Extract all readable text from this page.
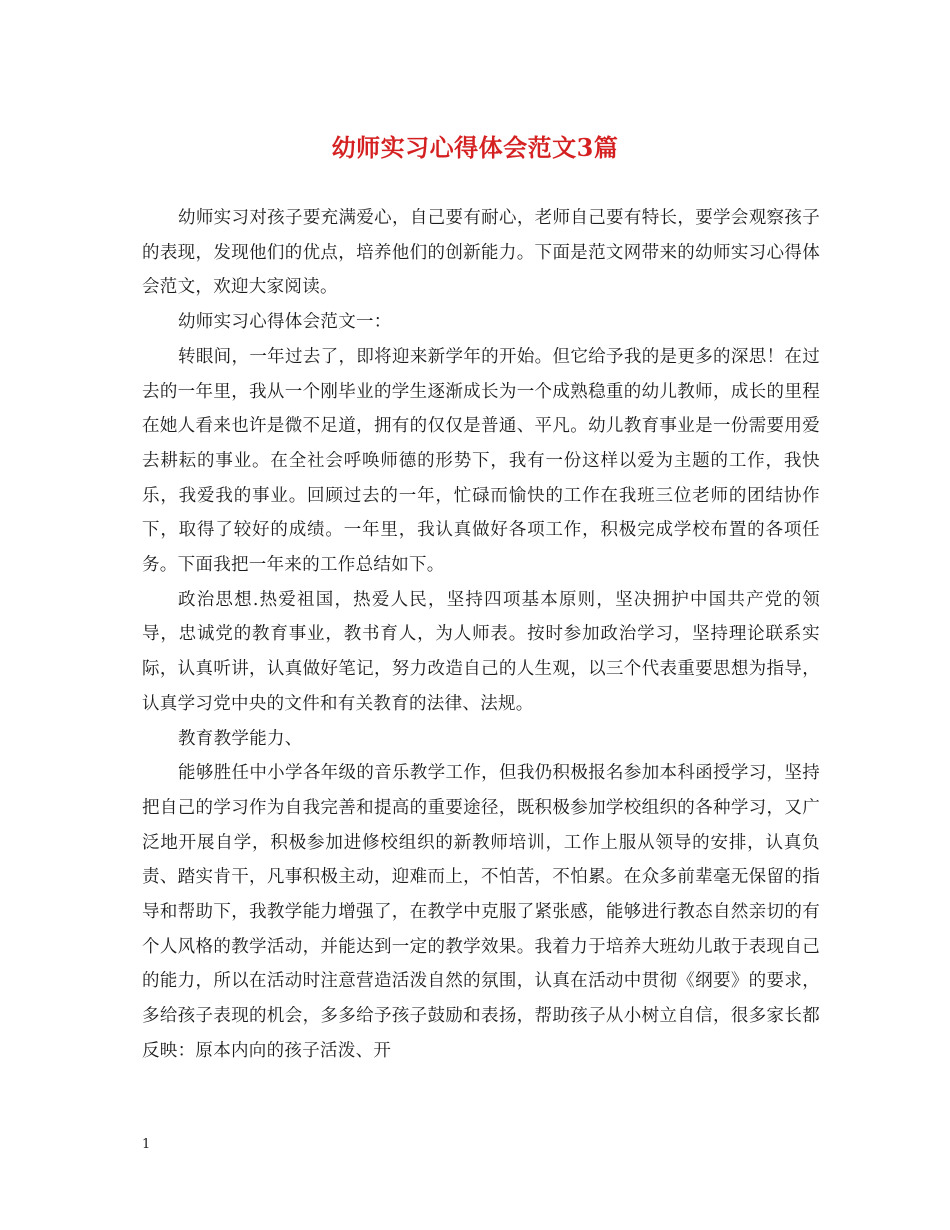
幼师实习心得体会范文3篇

幼师实习对孩子要充满爱心，自己要有耐心，老师自己要有特长，要学会观察孩子的表现，发现他们的优点，培养他们的创新能力。下面是范文网带来的幼师实习心得体会范文，欢迎大家阅读。

幼师实习心得体会范文一：

转眼间，一年过去了，即将迎来新学年的开始。但它给予我的是更多的深思！在过去的一年里，我从一个刚毕业的学生逐渐成长为一个成熟稳重的幼儿教师，成长的里程在她人看来也许是微不足道，拥有的仅仅是普通、平凡。幼儿教育事业是一份需要用爱去耕耘的事业。在全社会呼唤师德的形势下，我有一份这样以爱为主题的工作，我快乐，我爱我的事业。回顾过去的一年，忙碌而愉快的工作在我班三位老师的团结协作下，取得了较好的成绩。一年里，我认真做好各项工作，积极完成学校布置的各项任务。下面我把一年来的工作总结如下。

政治思想.热爱祖国，热爱人民，坚持四项基本原则，坚决拥护中国共产党的领导，忠诚党的教育事业，教书育人，为人师表。按时参加政治学习，坚持理论联系实际，认真听讲，认真做好笔记，努力改造自己的人生观，以三个代表重要思想为指导，认真学习党中央的文件和有关教育的法律、法规。

教育教学能力、

能够胜任中小学各年级的音乐教学工作，但我仍积极报名参加本科函授学习，坚持把自己的学习作为自我完善和提高的重要途径，既积极参加学校组织的各种学习，又广泛地开展自学，积极参加进修校组织的新教师培训，工作上服从领导的安排，认真负责、踏实肯干，凡事积极主动，迎难而上，不怕苦，不怕累。在众多前辈毫无保留的指导和帮助下，我教学能力增强了，在教学中克服了紧张感，能够进行教态自然亲切的有个人风格的教学活动，并能达到一定的教学效果。我着力于培养大班幼儿敢于表现自己的能力，所以在活动时注意营造活泼自然的氛围，认真在活动中贯彻《纲要》的要求，多给孩子表现的机会，多多给予孩子鼓励和表扬，帮助孩子从小树立自信，很多家长都反映：原本内向的孩子活泼、开

1
